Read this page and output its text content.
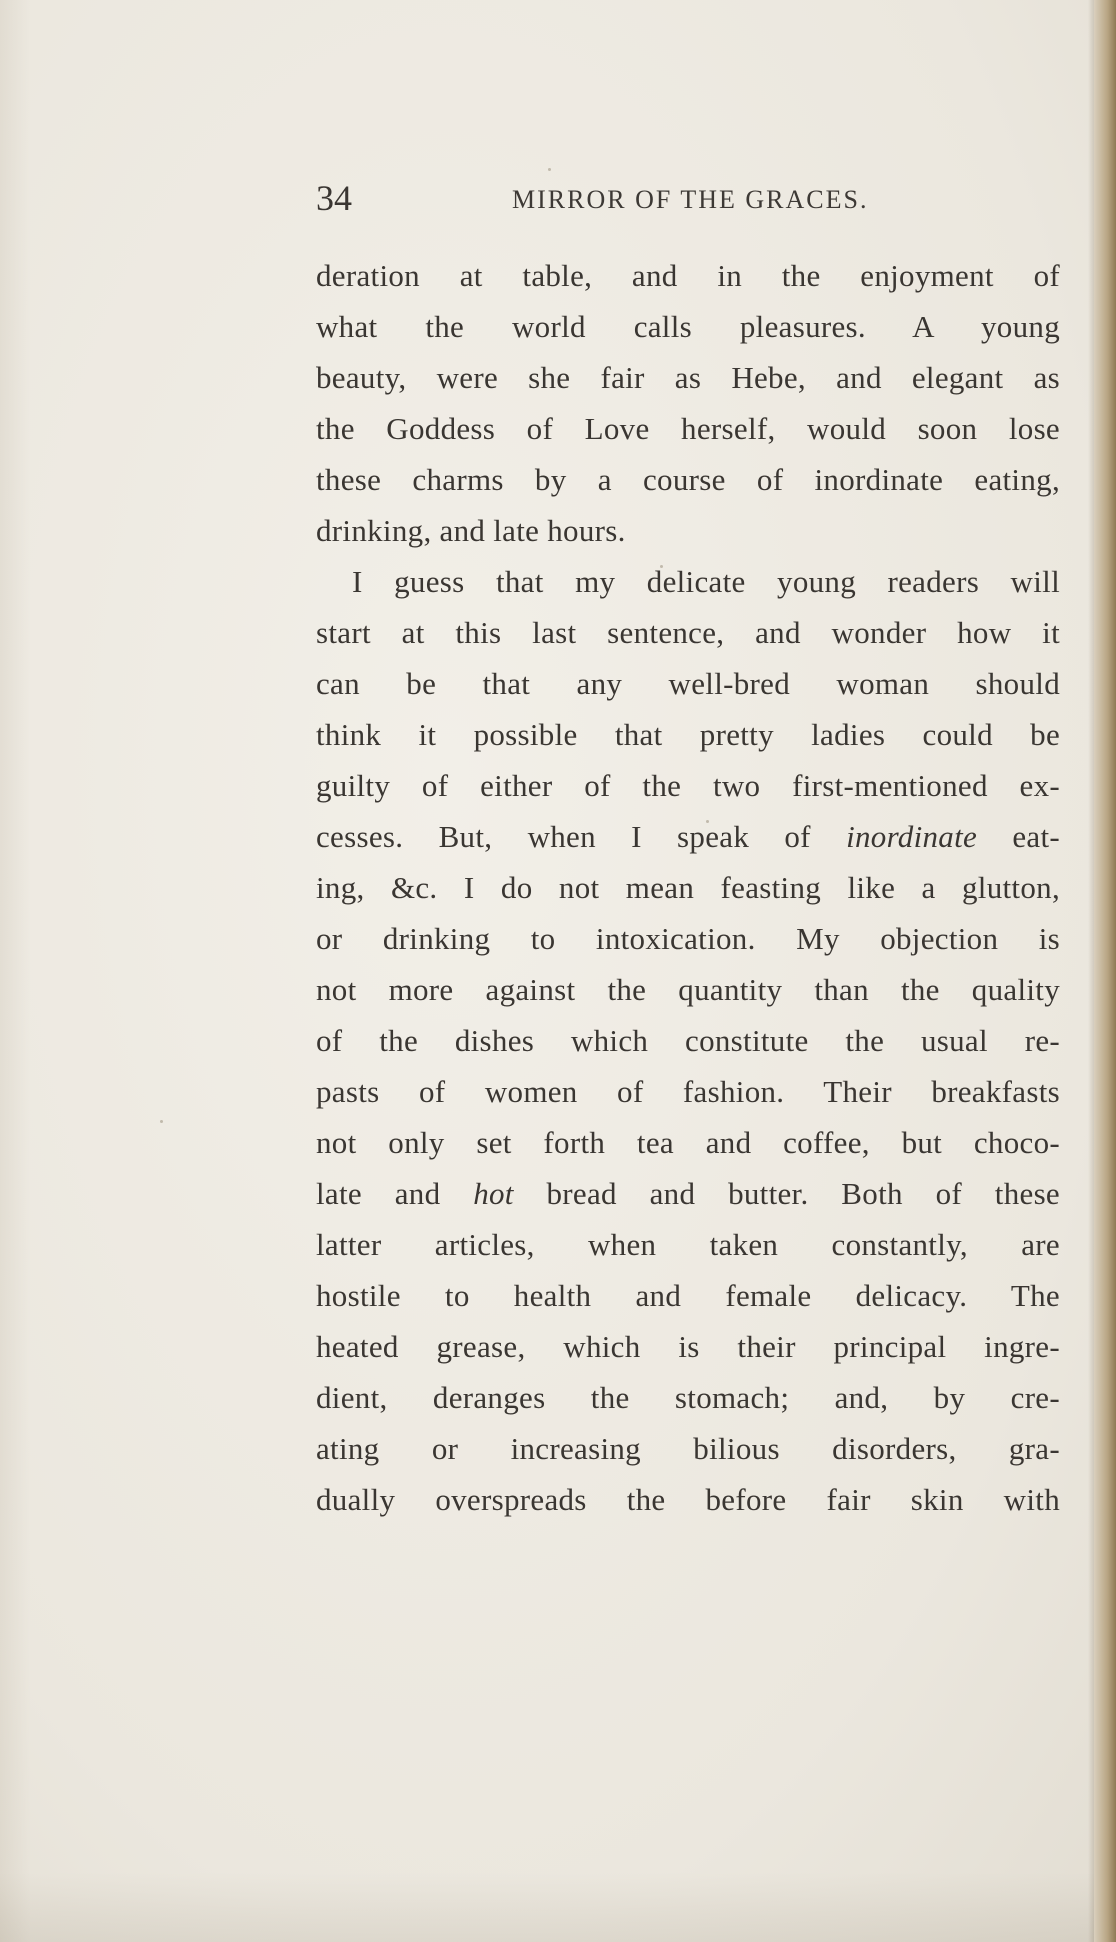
34	MIRROR OF THE GRACES.
deration at table, and in the enjoyment of
what the world calls pleasures. A young
beauty, were she fair as Hebe, and elegant as
the Goddess of Love herself, would soon lose
these charms by a course of inordinate eating,
drinking, and late hours.
I guess that my delicate young readers will
start at this last sentence, and wonder how it
can be that any well-bred woman should
think it possible that pretty ladies could be
guilty of either of the two first-mentioned ex-
cesses. But, when I speak of inordinate eat-
ing, &c. I do not mean feasting like a glutton,
or drinking to intoxication. My objection is
not more against the quantity than the quality
of the dishes which constitute the usual re-
pasts of women of fashion. Their breakfasts
not only set forth tea and coffee, but choco-
late and hot bread and butter. Both of these
latter articles, when taken constantly, are
hostile to health and female delicacy. The
heated grease, which is their principal ingre-
dient, deranges the stomach; and, by cre-
ating or increasing bilious disorders, gra-
dually overspreads the before fair skin with
